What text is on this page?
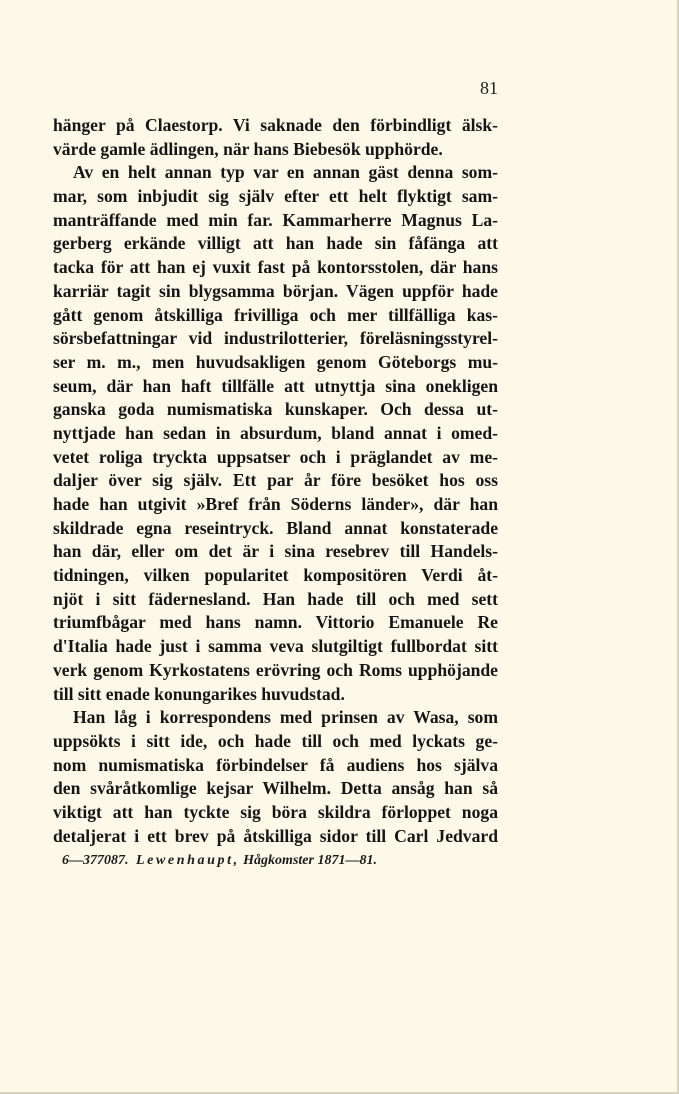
81
hänger på Claestorp. Vi saknade den förbindligt älsk-
värde gamle ädlingen, när hans Biebesök upphörde.
Av en helt annan typ var en annan gäst denna som-
mar, som inbjudit sig själv efter ett helt flyktigt sam-
manträffande med min far. Kammarherre Magnus La-
gerberg erkände villigt att han hade sin fåfänga att
tacka för att han ej vuxit fast på kontorsstolen, där hans
karriär tagit sin blygsamma början. Vägen uppför hade
gått genom åtskilliga frivilliga och mer tillfälliga kas-
sörsbefattningar vid industrilotterier, föreläsningsstyrel-
ser m. m., men huvudsakligen genom Göteborgs mu-
seum, där han haft tillfälle att utnyttja sina onekligen
ganska goda numismatiska kunskaper. Och dessa ut-
nyttjade han sedan in absurdum, bland annat i omed-
vetet roliga tryckta uppsatser och i präglandet av me-
daljer över sig själv. Ett par år före besöket hos oss
hade han utgivit »Bref från Söderns länder», där han
skildrade egna reseintryck. Bland annat konstaterade
han där, eller om det är i sina resebrev till Handels-
tidningen, vilken popularitet kompositören Verdi åt-
njöt i sitt fädernesland. Han hade till och med sett
triumfbågar med hans namn. Vittorio Emanuele Re
d'Italia hade just i samma veva slutgiltigt fullbordat sitt
verk genom Kyrkostatens erövring och Roms upphöjande
till sitt enade konungarikes huvudstad.
Han låg i korrespondens med prinsen av Wasa, som
uppsökts i sitt ide, och hade till och med lyckats ge-
nom numismatiska förbindelser få audiens hos själva
den svåråtkomlige kejsar Wilhelm. Detta ansåg han så
viktigt att han tyckte sig böra skildra förloppet noga
detaljerat i ett brev på åtskilliga sidor till Carl Jedvard
6—377087. Lewenhaupt, Hågkomster 1871—81.
